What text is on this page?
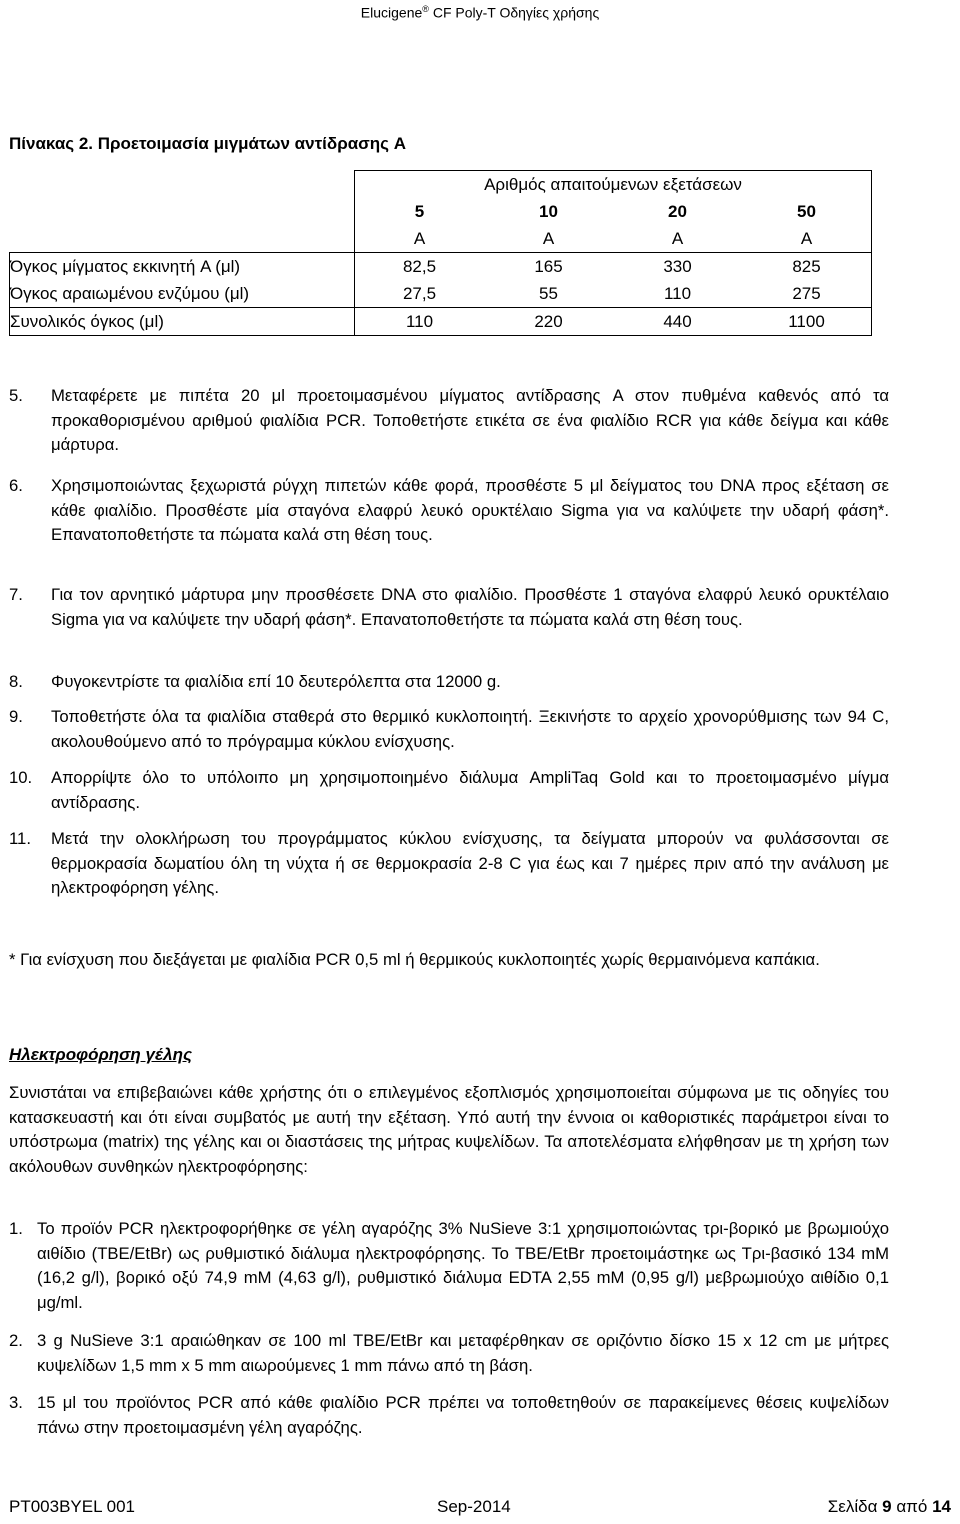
Elucigene® CF Poly-T Οδηγίες χρήσης
Πίνακας 2. Προετοιμασία μιγμάτων αντίδρασης A
	Αριθμός απαιτούμενων εξετάσεων			
	5	10	20	50
	A	A	A	A
Όγκος μίγματος εκκινητή A (μl)	82,5	165	330	825
Όγκος αραιωμένου ενζύμου (μl)	27,5	55	110	275
Συνολικός όγκος (μl)	110	220	440	1100
5. Μεταφέρετε με πιπέτα 20 μl προετοιμασμένου μίγματος αντίδρασης A στον πυθμένα καθενός από τα προκαθορισμένου αριθμού φιαλίδια PCR. Τοποθετήστε ετικέτα σε ένα φιαλίδιο RCR για κάθε δείγμα και κάθε μάρτυρα.
6. Χρησιμοποιώντας ξεχωριστά ρύγχη πιπετών κάθε φορά, προσθέστε 5 μl δείγματος του DNA προς εξέταση σε κάθε φιαλίδιο. Προσθέστε μία σταγόνα ελαφρύ λευκό ορυκτέλαιο Sigma για να καλύψετε την υδαρή φάση*. Επανατοποθετήστε τα πώματα καλά στη θέση τους.
7. Για τον αρνητικό μάρτυρα μην προσθέσετε DNA στο φιαλίδιο. Προσθέστε 1 σταγόνα ελαφρύ λευκό ορυκτέλαιο Sigma για να καλύψετε την υδαρή φάση*. Επανατοποθετήστε τα πώματα καλά στη θέση τους.
8. Φυγοκεντρίστε τα φιαλίδια επί 10 δευτερόλεπτα στα 12000 g.
9. Τοποθετήστε όλα τα φιαλίδια σταθερά στο θερμικό κυκλοποιητή. Ξεκινήστε το αρχείο χρονορύθμισης των 94 C, ακολουθούμενο από το πρόγραμμα κύκλου ενίσχυσης.
10. Απορρίψτε όλο το υπόλοιπο μη χρησιμοποιημένο διάλυμα AmpliTaq Gold και το προετοιμασμένο μίγμα αντίδρασης.
11. Μετά την ολοκλήρωση του προγράμματος κύκλου ενίσχυσης, τα δείγματα μπορούν να φυλάσσονται σε θερμοκρασία δωματίου όλη τη νύχτα ή σε θερμοκρασία 2-8 C για έως και 7 ημέρες πριν από την ανάλυση με ηλεκτροφόρηση γέλης.
* Για ενίσχυση που διεξάγεται με φιαλίδια PCR 0,5 ml ή θερμικούς κυκλοποιητές χωρίς θερμαινόμενα καπάκια.
Ηλεκτροφόρηση γέλης
Συνιστάται να επιβεβαιώνει κάθε χρήστης ότι ο επιλεγμένος εξοπλισμός χρησιμοποιείται σύμφωνα με τις οδηγίες του κατασκευαστή και ότι είναι συμβατός με αυτή την εξέταση. Υπό αυτή την έννοια οι καθοριστικές παράμετροι είναι το υπόστρωμα (matrix) της γέλης και οι διαστάσεις της μήτρας κυψελίδων. Τα αποτελέσματα ελήφθησαν με τη χρήση των ακόλουθων συνθηκών ηλεκτροφόρησης:
1. Το προϊόν PCR ηλεκτροφορήθηκε σε γέλη αγαρόζης 3% NuSieve 3:1 χρησιμοποιώντας τρι-βορικό με βρωμιούχο αιθίδιο (TBE/EtBr) ως ρυθμιστικό διάλυμα ηλεκτροφόρησης. Το TBE/EtBr προετοιμάστηκε ως Τρι-βασικό 134 mM (16,2 g/l), βορικό οξύ 74,9 mM (4,63 g/l), ρυθμιστικό διάλυμα EDTA 2,55 mM (0,95 g/l) μεβρωμιούχο αιθίδιο 0,1 μg/ml.
2. 3 g NuSieve 3:1 αραιώθηκαν σε 100 ml TBE/EtBr και μεταφέρθηκαν σε οριζόντιο δίσκο 15 x 12 cm με μήτρες κυψελίδων 1,5 mm x 5 mm αιωρούμενες 1 mm πάνω από τη βάση.
3. 15 μl του προϊόντος PCR από κάθε φιαλίδιο PCR πρέπει να τοποθετηθούν σε παρακείμενες θέσεις κυψελίδων πάνω στην προετοιμασμένη γέλη αγαρόζης.
PT003BYEL 001	Sep-2014	Σελίδα 9 από 14
